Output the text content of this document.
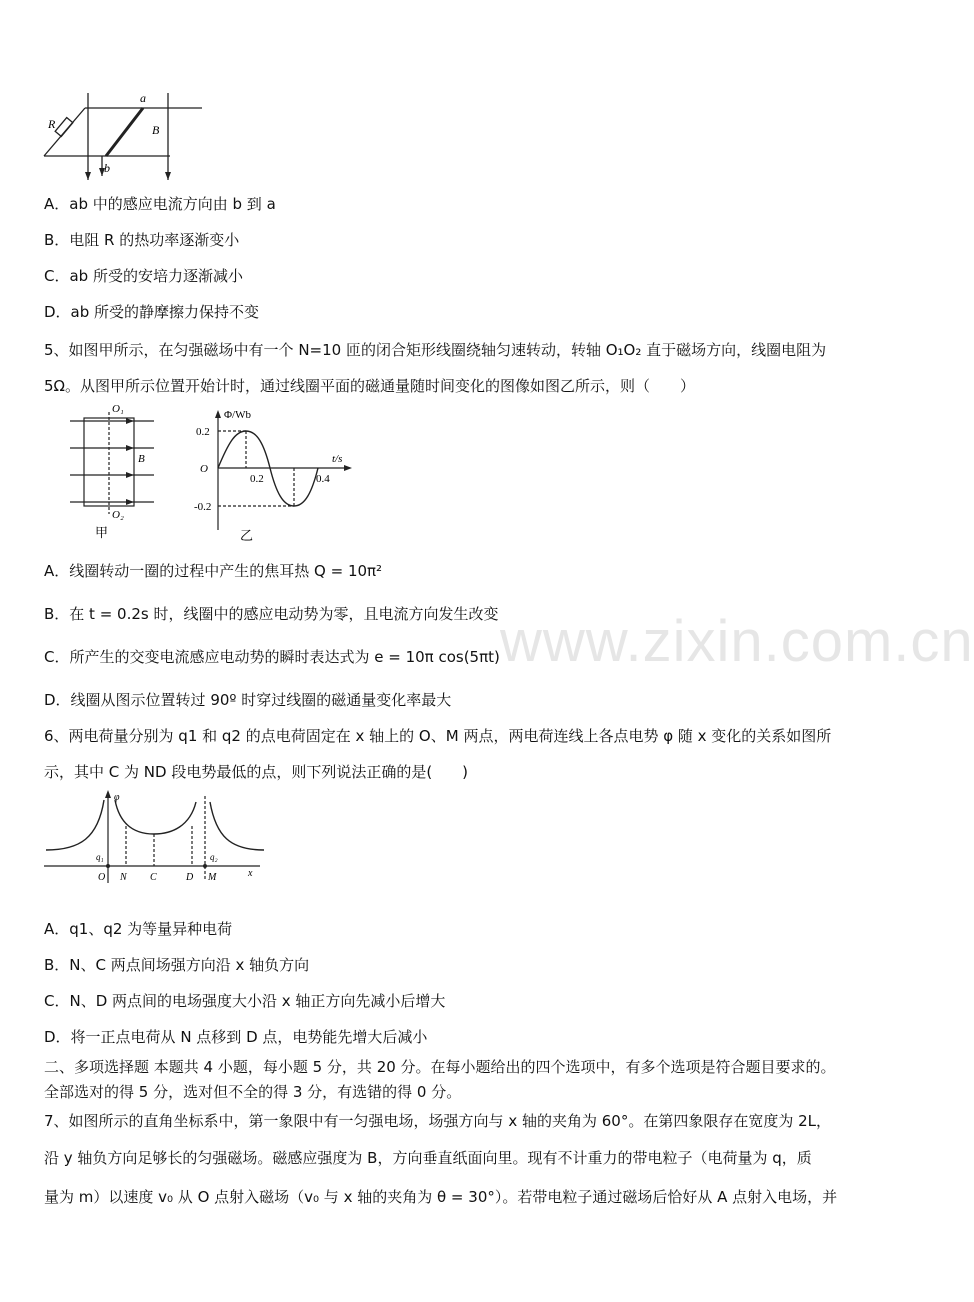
www.zixin.com.cn
a
b
R	B
A．ab 中的感应电流方向由 b 到 a
B．电阻 R 的热功率逐渐变小
C．ab 所受的安培力逐渐减小
D．ab 所受的静摩擦力保持不变
5、如图甲所示，在匀强磁场中有一个 N=10 匝的闭合矩形线圈绕轴匀速转动，转轴 O₁O₂ 直于磁场方向，线圈电阻为
5Ω。从图甲所示位置开始计时，通过线圈平面的磁通量随时间变化的图像如图乙所示，则（　　）
O₁
O₂
B
甲
Φ/Wb
t/s
0.2
-0.2
O
0.2	0.4
乙
A．线圈转动一圈的过程中产生的焦耳热 Q = 10π²
B．在 t = 0.2s 时，线圈中的感应电动势为零，且电流方向发生改变
C．所产生的交变电流感应电动势的瞬时表达式为 e = 10π cos(5πt)
D．线圈从图示位置转过 90º 时穿过线圈的磁通量变化率最大
6、两电荷量分别为 q1 和 q2 的点电荷固定在 x 轴上的 O、M 两点，两电荷连线上各点电势 φ 随 x 变化的关系如图所
示，其中 C 为 ND 段电势最低的点，则下列说法正确的是(　　)
φ
q₁	q₂
O N C	D M	x
A．q1、q2 为等量异种电荷
B．N、C 两点间场强方向沿 x 轴负方向
C．N、D 两点间的电场强度大小沿 x 轴正方向先减小后增大
D．将一正点电荷从 N 点移到 D 点，电势能先增大后减小
二、多项选择题 本题共 4 小题，每小题 5 分，共 20 分。在每小题给出的四个选项中，有多个选项是符合题目要求的。
全部选对的得 5 分，选对但不全的得 3 分，有选错的得 0 分。
7、如图所示的直角坐标系中，第一象限中有一匀强电场，场强方向与 x 轴的夹角为 60°。在第四象限存在宽度为 2L，
沿 y 轴负方向足够长的匀强磁场。磁感应强度为 B，方向垂直纸面向里。现有不计重力的带电粒子（电荷量为 q，质
量为 m）以速度 v₀ 从 O 点射入磁场（v₀ 与 x 轴的夹角为 θ = 30°）。若带电粒子通过磁场后恰好从 A 点射入电场，并
